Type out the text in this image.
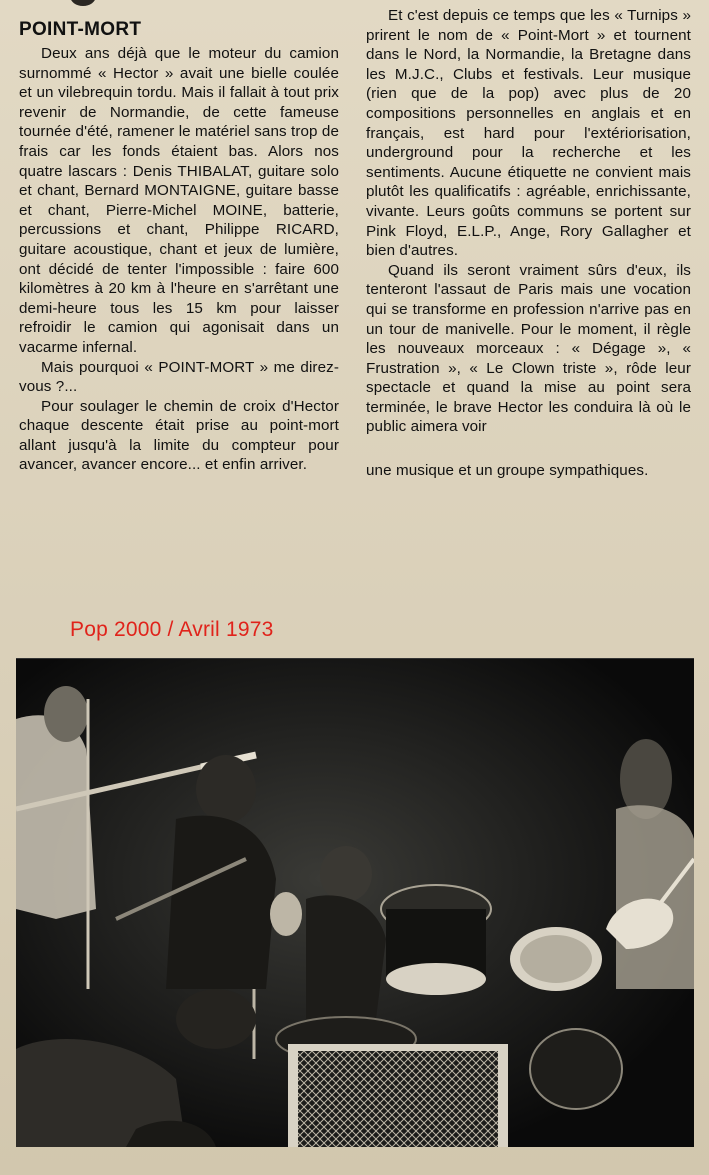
POINT-MORT

Deux ans déjà que le moteur du camion surnommé « Hector » avait une bielle coulée et un vilebrequin tordu. Mais il fallait à tout prix revenir de Normandie, de cette fameuse tournée d'été, ramener le matériel sans trop de frais car les fonds étaient bas. Alors nos quatre lascars : Denis THIBALAT, guitare solo et chant, Bernard MONTAIGNE, guitare basse et chant, Pierre-Michel MOINE, batterie, percussions et chant, Philippe RICARD, guitare acoustique, chant et jeux de lumière, ont décidé de tenter l'impossible : faire 600 kilomètres à 20 km à l'heure en s'arrêtant une demi-heure tous les 15 km pour laisser refroidir le camion qui agonisait dans un vacarme infernal.

Mais pourquoi « POINT-MORT » me direz-vous ?...

Pour soulager le chemin de croix d'Hector chaque descente était prise au point-mort allant jusqu'à la limite du compteur pour avancer, avancer encore... et enfin arriver.

Et c'est depuis ce temps que les « Turnips » prirent le nom de « Point-Mort » et tournent dans le Nord, la Normandie, la Bretagne dans les M.J.C., Clubs et festivals. Leur musique (rien que de la pop) avec plus de 20 compositions personnelles en anglais et en français, est hard pour l'extériorisation, underground pour la recherche et les sentiments. Aucune étiquette ne convient mais plutôt les qualificatifs : agréable, enrichissante, vivante. Leurs goûts communs se portent sur Pink Floyd, E.L.P., Ange, Rory Gallagher et bien d'autres.

Quand ils seront vraiment sûrs d'eux, ils tenteront l'assaut de Paris mais une vocation qui se transforme en profession n'arrive pas en un tour de manivelle. Pour le moment, il règle les nouveaux morceaux : « Dégage », « Frustration », « Le Clown triste », rôde leur spectacle et quand la mise au point sera terminée, le brave Hector les conduira là où le public aimera voir

une musique et un groupe sympathiques.

Pop 2000 / Avril 1973
